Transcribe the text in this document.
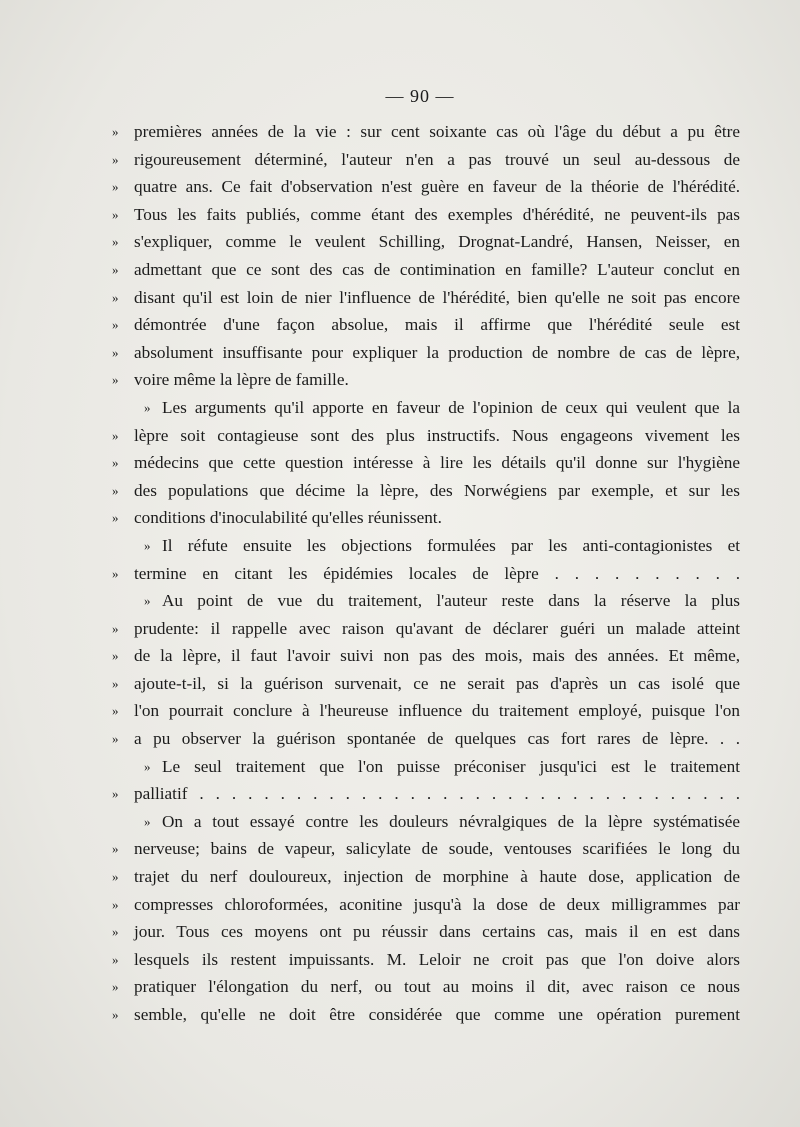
— 90 —
» premières années de la vie : sur cent soixante cas où l'âge du début a pu être
» rigoureusement déterminé, l'auteur n'en a pas trouvé un seul au-dessous de
» quatre ans. Ce fait d'observation n'est guère en faveur de la théorie de l'hérédité.
» Tous les faits publiés, comme étant des exemples d'hérédité, ne peuvent-ils pas
» s'expliquer, comme le veulent Schilling, Drognat-Landré, Hansen, Neisser, en
» admettant que ce sont des cas de contimination en famille? L'auteur conclut en
» disant qu'il est loin de nier l'influence de l'hérédité, bien qu'elle ne soit pas encore
» démontrée d'une façon absolue, mais il affirme que l'hérédité seule est
» absolument insuffisante pour expliquer la production de nombre de cas de lèpre,
» voire même la lèpre de famille.
» Les arguments qu'il apporte en faveur de l'opinion de ceux qui veulent que la
» lèpre soit contagieuse sont des plus instructifs. Nous engageons vivement les
» médecins que cette question intéresse à lire les détails qu'il donne sur l'hygiène
» des populations que décime la lèpre, des Norwégiens par exemple, et sur les
» conditions d'inoculabilité qu'elles réunissent.
» Il réfute ensuite les objections formulées par les anti-contagionistes et
» termine en citant les épidémies locales de lèpre . . . . . . . . . .
» Au point de vue du traitement, l'auteur reste dans la réserve la plus
» prudente: il rappelle avec raison qu'avant de déclarer guéri un malade atteint
» de la lèpre, il faut l'avoir suivi non pas des mois, mais des années. Et même,
» ajoute-t-il, si la guérison survenait, ce ne serait pas d'après un cas isolé que
» l'on pourrait conclure à l'heureuse influence du traitement employé, puisque l'on
» a pu observer la guérison spontanée de quelques cas fort rares de lèpre. . .
» Le seul traitement que l'on puisse préconiser jusqu'ici est le traitement
» palliatif . . . . . . . . . . . . . . . . . . . . . . . . . . . . . . . . . .
» On a tout essayé contre les douleurs névralgiques de la lèpre systématisée
» nerveuse; bains de vapeur, salicylate de soude, ventouses scarifiées le long du
» trajet du nerf douloureux, injection de morphine à haute dose, application de
» compresses chloroformées, aconitine jusqu'à la dose de deux milligrammes par
» jour. Tous ces moyens ont pu réussir dans certains cas, mais il en est dans
» lesquels ils restent impuissants. M. Leloir ne croit pas que l'on doive alors
» pratiquer l'élongation du nerf, ou tout au moins il dit, avec raison ce nous
» semble, qu'elle ne doit être considérée que comme une opération purement
